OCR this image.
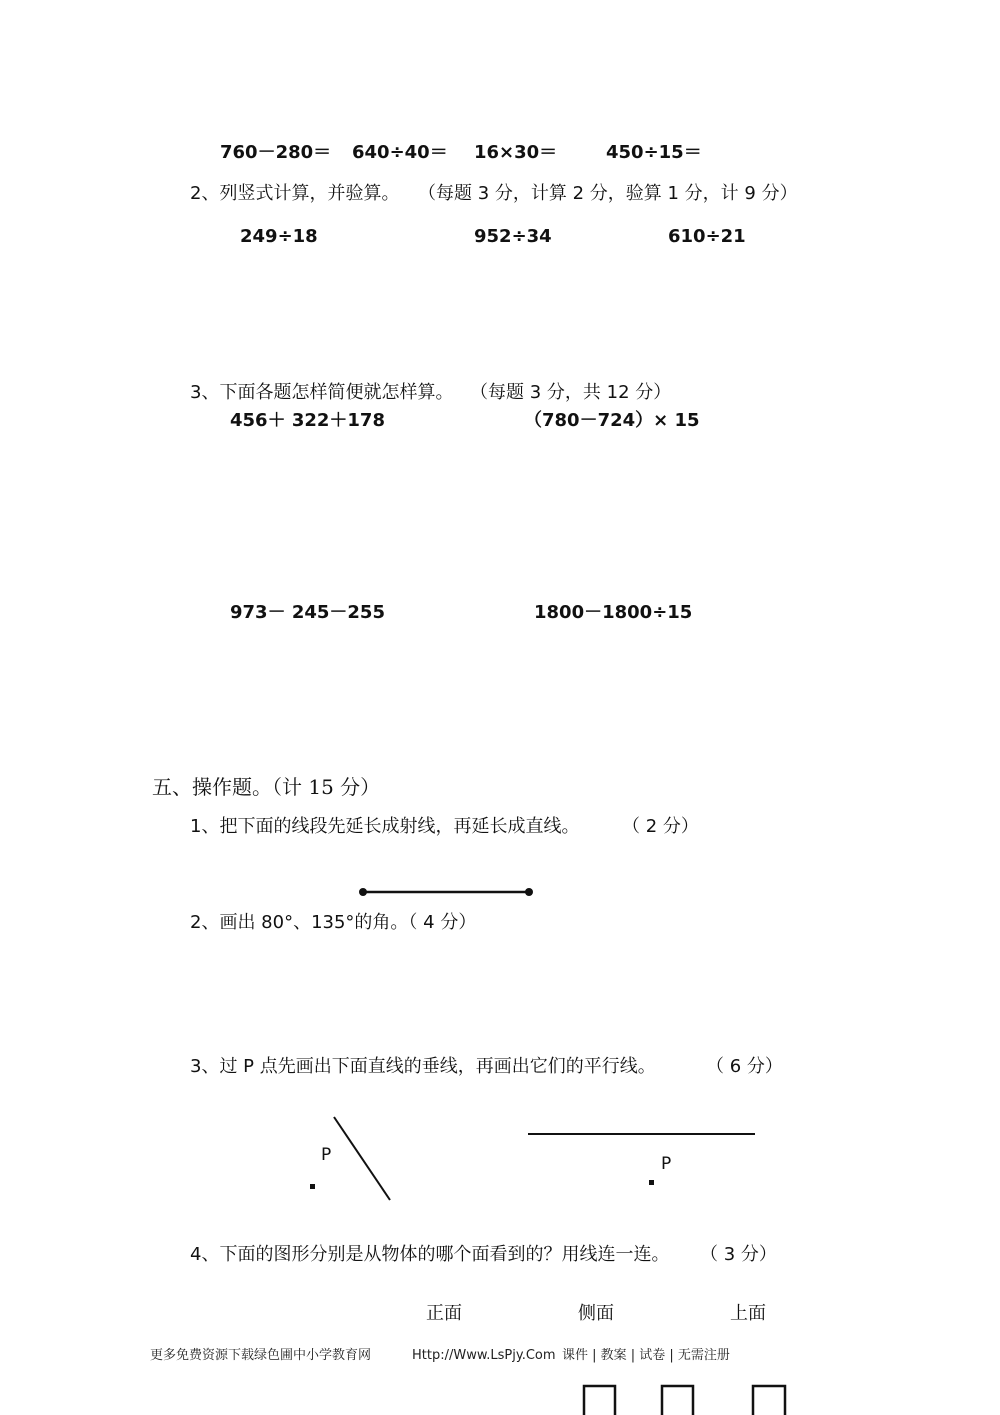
760－280＝ 640÷40＝ 16×30＝	450÷15＝
2、列竖式计算，并验算。 （每题 3 分，计算 2 分，验算 1 分，计 9 分）
249÷18	952÷34	610÷21
3、下面各题怎样简便就怎样算。 （每题 3 分，共 12 分）
456＋ 322＋178	（780－724）× 15
973－ 245－255	1800－1800÷15
五、操作题。（计 15 分）
1、把下面的线段先延长成射线，再延长成直线。 （ 2 分）
2、画出 80°、135°的角。（ 4 分）
3、过 P 点先画出下面直线的垂线，再画出它们的平行线。	（ 6 分）
P	P
4、下面的图形分别是从物体的哪个面看到的？用线连一连。 （ 3 分）
正面	侧面	上面
更多免费资源下载绿色圃中小学教育网	Http://Www.LsPjy.Com 课件 | 教案 | 试卷 | 无需注册
